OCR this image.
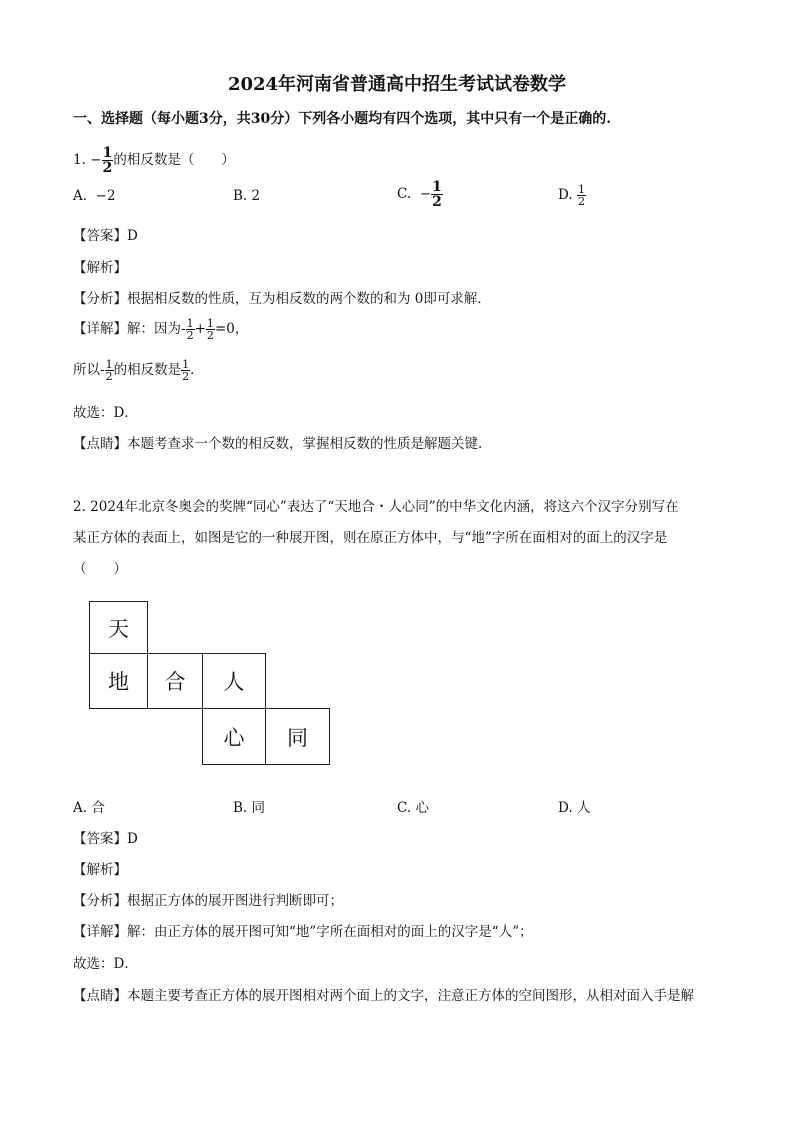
2024年河南省普通高中招生考试试卷数学
一、选择题（每小题3分，共30分）下列各小题均有四个选项，其中只有一个是正确的.
1. − $\frac{1}{2}$ 的相反数是（　　）
A. −2	B. 2	C. − $\frac{1}{2}$	D. $\frac{1}{2}$
【答案】D
【解析】
【分析】根据相反数的性质，互为相反数的两个数的和为 0即可求解．
【详解】解：因为- $\frac{1}{2} + \frac{1}{2} =0$，
所以- $\frac{1}{2}$ 的相反数是 $\frac{1}{2}$ ．
故选：D．
【点睛】本题考查求一个数的相反数，掌握相反数的性质是解题关键．
2. 2024年北京冬奥会的奖牌“同心”表达了“天地合・人心同”的中华文化内涵，将这六个汉字分别写在
某正方体的表面上，如图是它的一种展开图，则在原正方体中，与“地”字所在面相对的面上的汉字是
（　　）
天
地	合	人
心	同
A. 合	B. 同	C. 心	D. 人
【答案】D
【解析】
【分析】根据正方体的展开图进行判断即可；
【详解】解：由正方体的展开图可知“地”字所在面相对的面上的汉字是“人”；
故选：D．
【点睛】本题主要考查正方体的展开图相对两个面上的文字，注意正方体的空间图形，从相对面入手是解
